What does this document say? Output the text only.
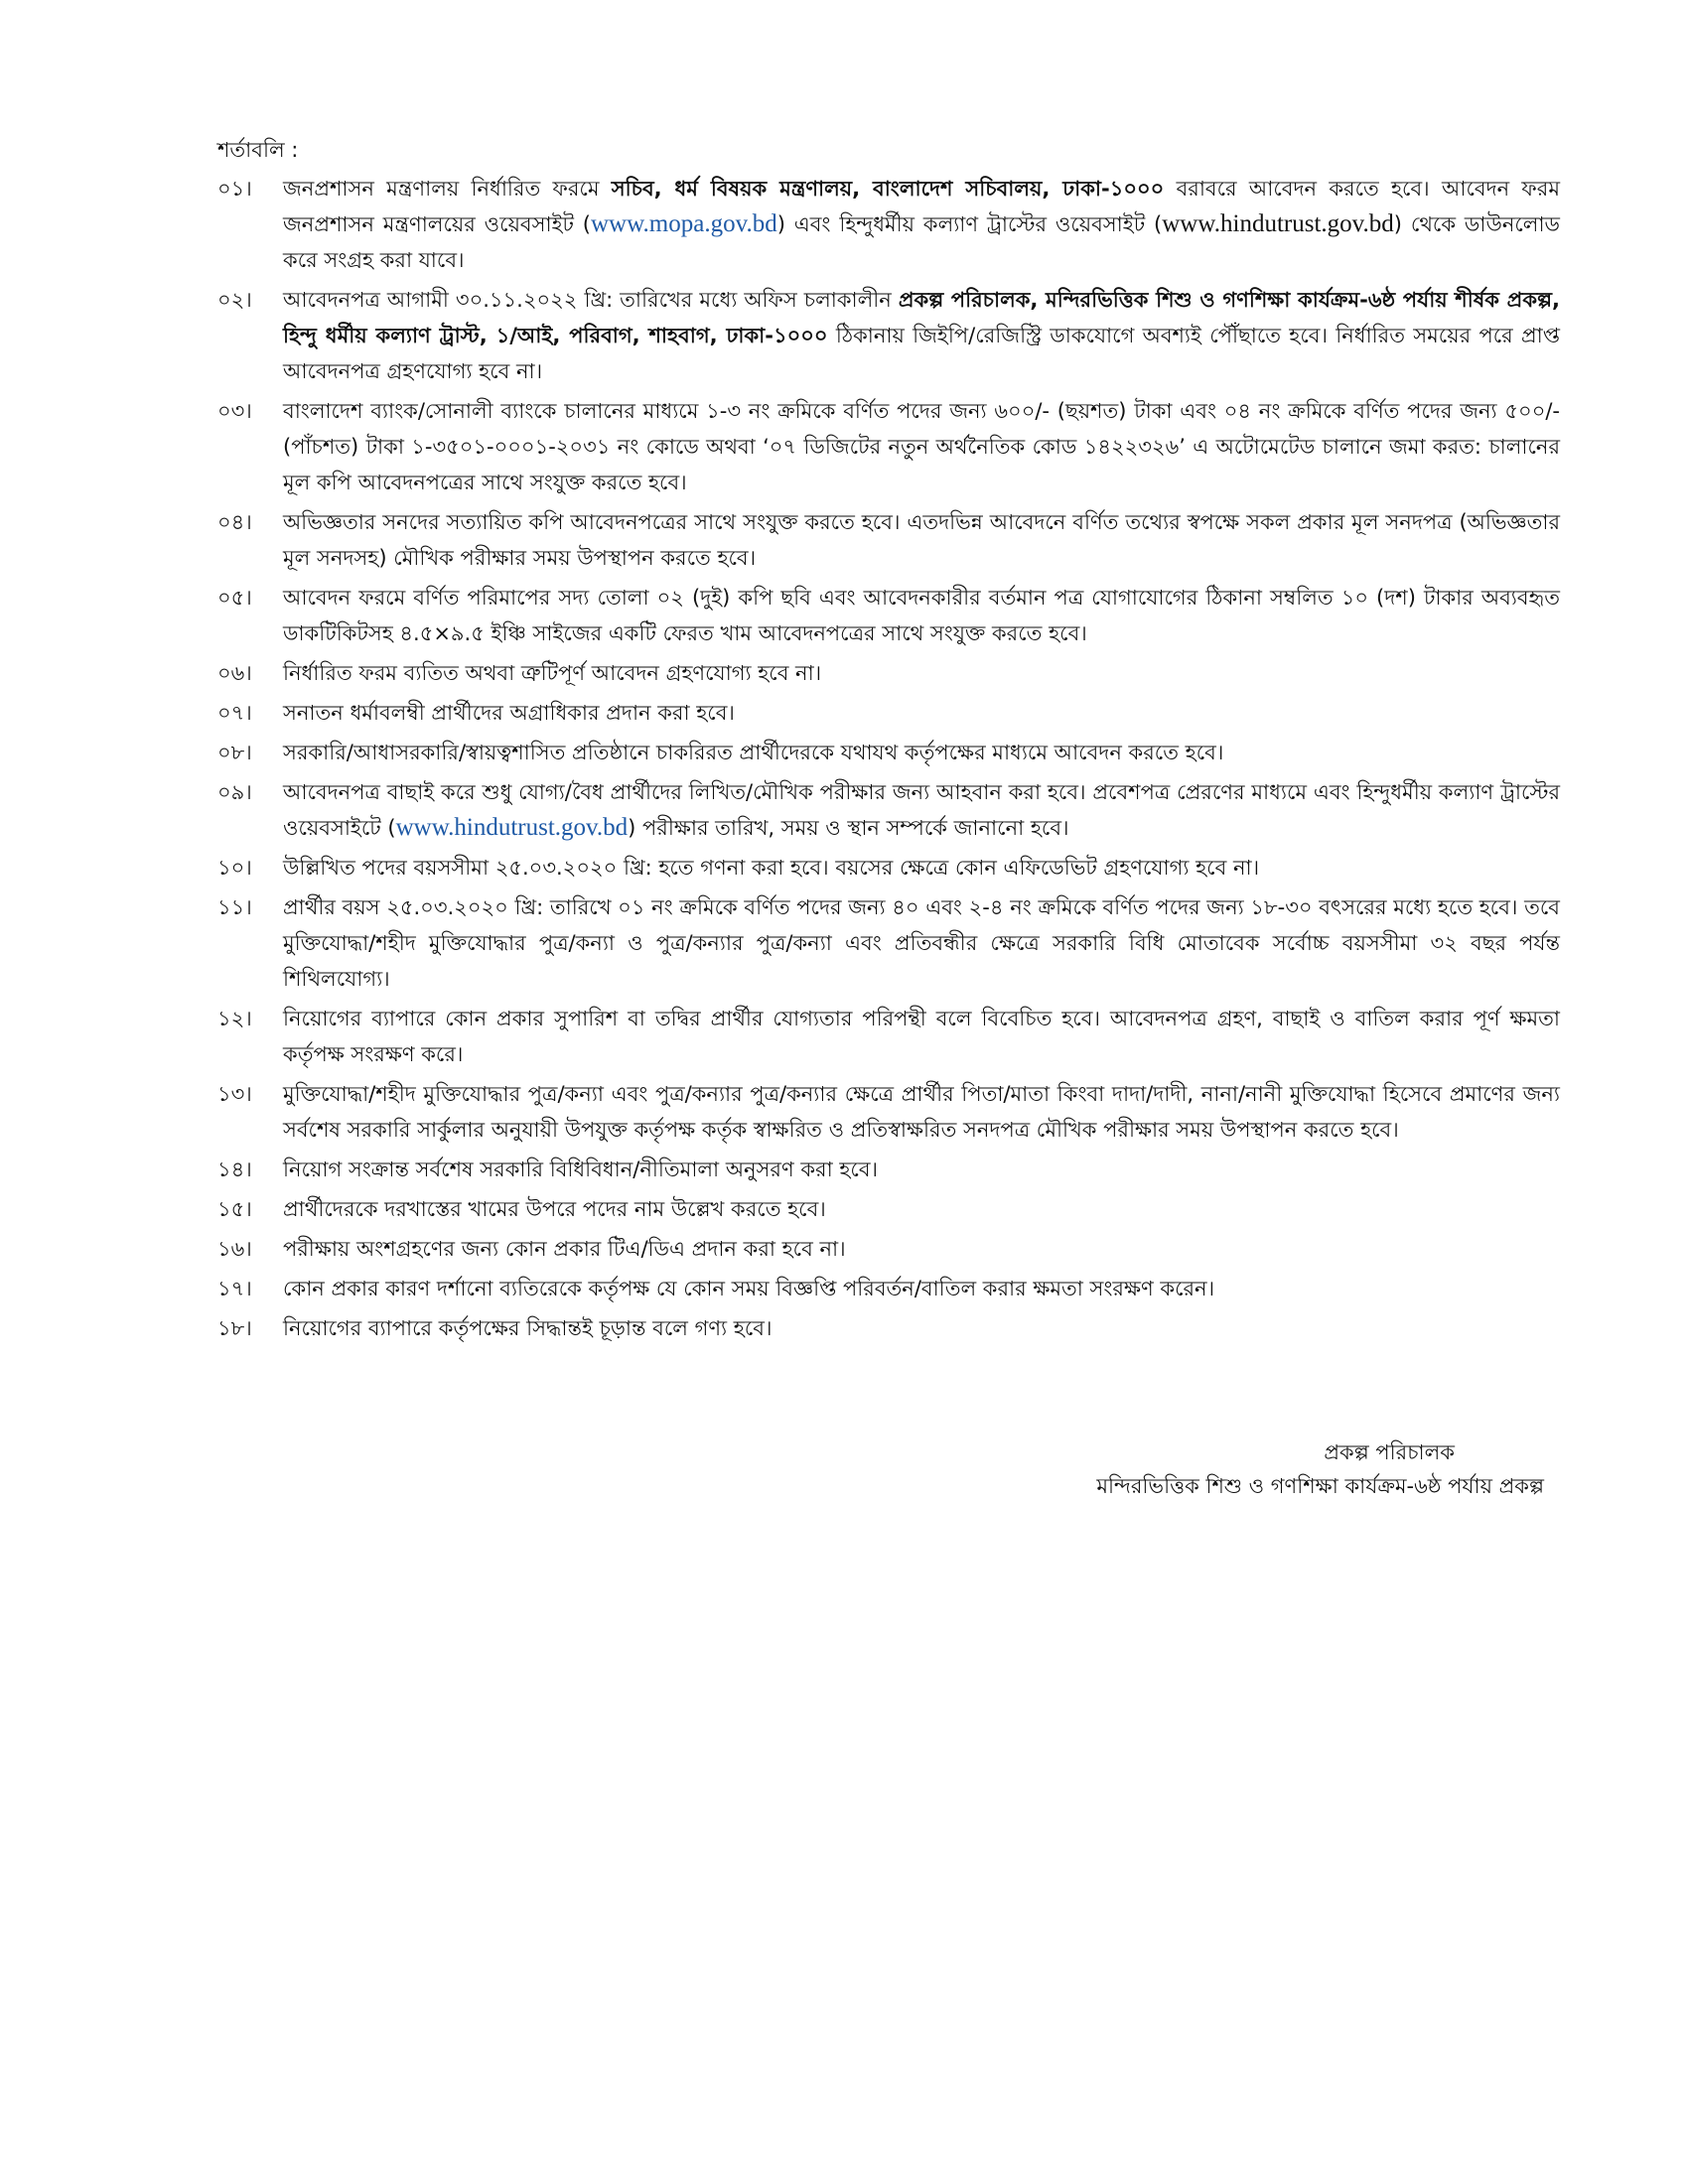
শর্তাবলি :
০১।	জনপ্রশাসন মন্ত্রণালয় নির্ধারিত ফরমে সচিব, ধর্ম বিষয়ক মন্ত্রণালয়, বাংলাদেশ সচিবালয়, ঢাকা-১০০০ বরাবরে আবেদন করতে হবে। আবেদন ফরম জনপ্রশাসন মন্ত্রণালয়ের ওয়েবসাইট (www.mopa.gov.bd) এবং হিন্দুধর্মীয় কল্যাণ ট্রাস্টের ওয়েবসাইট (www.hindutrust.gov.bd) থেকে ডাউনলোড করে সংগ্রহ করা যাবে।
০২।	আবেদনপত্র আগামী ৩০.১১.২০২২ খ্রি: তারিখের মধ্যে অফিস চলাকালীন প্রকল্প পরিচালক, মন্দিরভিত্তিক শিশু ও গণশিক্ষা কার্যক্রম-৬ষ্ঠ পর্যায় শীর্ষক প্রকল্প, হিন্দু ধর্মীয় কল্যাণ ট্রাস্ট, ১/আই, পরিবাগ, শাহবাগ, ঢাকা-১০০০ ঠিকানায় জিইপি/রেজিস্ট্রি ডাকযোগে অবশ্যই পৌঁছাতে হবে। নির্ধারিত সময়ের পরে প্রাপ্ত আবেদনপত্র গ্রহণযোগ্য হবে না।
০৩।	বাংলাদেশ ব্যাংক/সোনালী ব্যাংকে চালানের মাধ্যমে ১-৩ নং ক্রমিকে বর্ণিত পদের জন্য ৬০০/- (ছয়শত) টাকা এবং ০৪ নং ক্রমিকে বর্ণিত পদের জন্য ৫০০/- (পাঁচশত) টাকা ১-৩৫০১-০০০১-২০৩১ নং কোডে অথবা ‘০৭ ডিজিটের নতুন অর্থনৈতিক কোড ১৪২২৩২৬’ এ অটোমেটেড চালানে জমা করত: চালানের মূল কপি আবেদনপত্রের সাথে সংযুক্ত করতে হবে।
০৪।	অভিজ্ঞতার সনদের সত্যায়িত কপি আবেদনপত্রের সাথে সংযুক্ত করতে হবে। এতদভিন্ন আবেদনে বর্ণিত তথ্যের স্বপক্ষে সকল প্রকার মূল সনদপত্র (অভিজ্ঞতার মূল সনদসহ) মৌখিক পরীক্ষার সময় উপস্থাপন করতে হবে।
০৫।	আবেদন ফরমে বর্ণিত পরিমাপের সদ্য তোলা ০২ (দুই) কপি ছবি এবং আবেদনকারীর বর্তমান পত্র যোগাযোগের ঠিকানা সম্বলিত ১০ (দশ) টাকার অব্যবহৃত ডাকটিকিটসহ ৪.৫×৯.৫ ইঞ্চি সাইজের একটি ফেরত খাম আবেদনপত্রের সাথে সংযুক্ত করতে হবে।
০৬।	নির্ধারিত ফরম ব্যতিত অথবা ত্রুটিপূর্ণ আবেদন গ্রহণযোগ্য হবে না।
০৭।	সনাতন ধর্মাবলম্বী প্রার্থীদের অগ্রাধিকার প্রদান করা হবে।
০৮।	সরকারি/আধাসরকারি/স্বায়ত্বশাসিত প্রতিষ্ঠানে চাকরিরত প্রার্থীদেরকে যথাযথ কর্তৃপক্ষের মাধ্যমে আবেদন করতে হবে।
০৯।	আবেদনপত্র বাছাই করে শুধু যোগ্য/বৈধ প্রার্থীদের লিখিত/মৌখিক পরীক্ষার জন্য আহবান করা হবে। প্রবেশপত্র প্রেরণের মাধ্যমে এবং হিন্দুধর্মীয় কল্যাণ ট্রাস্টের ওয়েবসাইটে (www.hindutrust.gov.bd) পরীক্ষার তারিখ, সময় ও স্থান সম্পর্কে জানানো হবে।
১০।	উল্লিখিত পদের বয়সসীমা ২৫.০৩.২০২০ খ্রি: হতে গণনা করা হবে। বয়সের ক্ষেত্রে কোন এফিডেভিট গ্রহণযোগ্য হবে না।
১১।	প্রার্থীর বয়স ২৫.০৩.২০২০ খ্রি: তারিখে ০১ নং ক্রমিকে বর্ণিত পদের জন্য ৪০ এবং ২-৪ নং ক্রমিকে বর্ণিত পদের জন্য ১৮-৩০ বৎসরের মধ্যে হতে হবে। তবে মুক্তিযোদ্ধা/শহীদ মুক্তিযোদ্ধার পুত্র/কন্যা ও পুত্র/কন্যার পুত্র/কন্যা এবং প্রতিবন্ধীর ক্ষেত্রে সরকারি বিধি মোতাবেক সর্বোচ্চ বয়সসীমা ৩২ বছর পর্যন্ত শিথিলযোগ্য।
১২।	নিয়োগের ব্যাপারে কোন প্রকার সুপারিশ বা তদ্বির প্রার্থীর যোগ্যতার পরিপন্থী বলে বিবেচিত হবে। আবেদনপত্র গ্রহণ, বাছাই ও বাতিল করার পূর্ণ ক্ষমতা কর্তৃপক্ষ সংরক্ষণ করে।
১৩।	মুক্তিযোদ্ধা/শহীদ মুক্তিযোদ্ধার পুত্র/কন্যা এবং পুত্র/কন্যার পুত্র/কন্যার ক্ষেত্রে প্রার্থীর পিতা/মাতা কিংবা দাদা/দাদী, নানা/নানী মুক্তিযোদ্ধা হিসেবে প্রমাণের জন্য সর্বশেষ সরকারি সার্কুলার অনুযায়ী উপযুক্ত কর্তৃপক্ষ কর্তৃক স্বাক্ষরিত ও প্রতিস্বাক্ষরিত সনদপত্র মৌখিক পরীক্ষার সময় উপস্থাপন করতে হবে।
১৪।	নিয়োগ সংক্রান্ত সর্বশেষ সরকারি বিধিবিধান/নীতিমালা অনুসরণ করা হবে।
১৫।	প্রার্থীদেরকে দরখাস্তের খামের উপরে পদের নাম উল্লেখ করতে হবে।
১৬।	পরীক্ষায় অংশগ্রহণের জন্য কোন প্রকার টিএ/ডিএ প্রদান করা হবে না।
১৭।	কোন প্রকার কারণ দর্শানো ব্যতিরেকে কর্তৃপক্ষ যে কোন সময় বিজ্ঞপ্তি পরিবর্তন/বাতিল করার ক্ষমতা সংরক্ষণ করেন।
১৮।	নিয়োগের ব্যাপারে কর্তৃপক্ষের সিদ্ধান্তই চূড়ান্ত বলে গণ্য হবে।
প্রকল্প পরিচালক
মন্দিরভিত্তিক শিশু ও গণশিক্ষা কার্যক্রম-৬ষ্ঠ পর্যায় প্রকল্প
